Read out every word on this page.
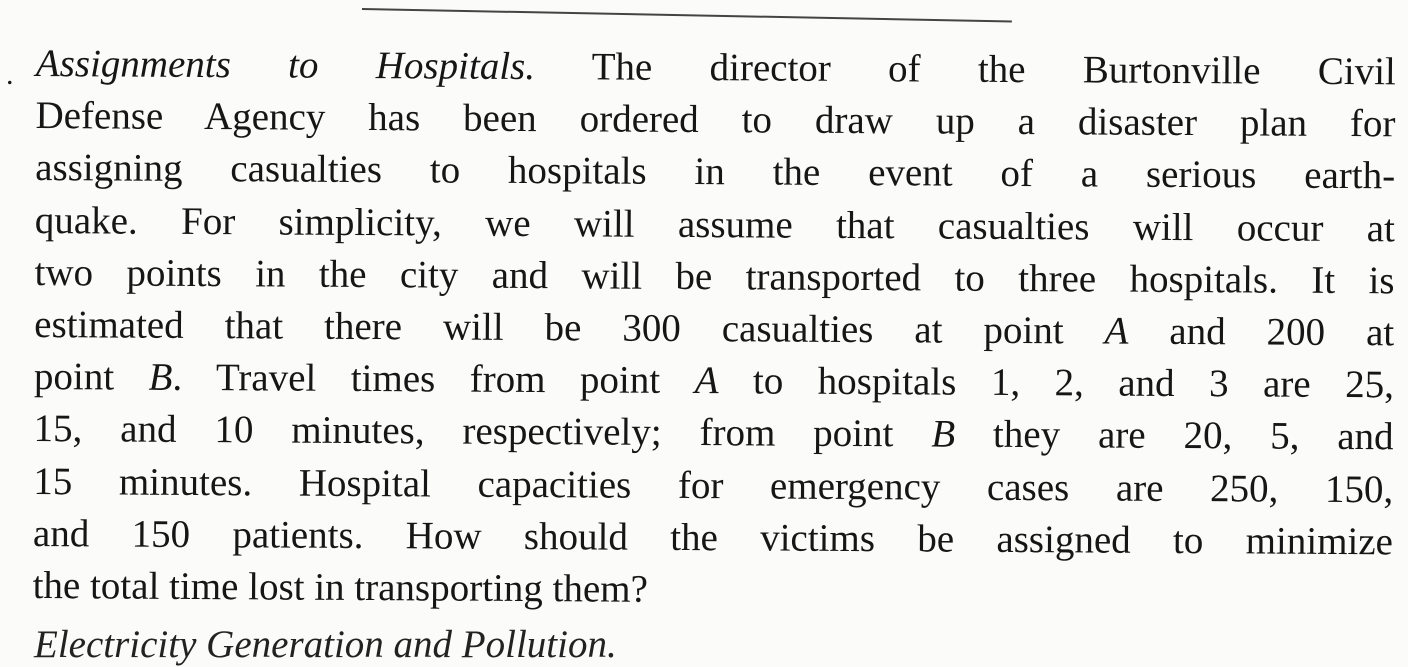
. Assignments to Hospitals. The director of the Burtonville Civil
Defense Agency has been ordered to draw up a disaster plan for
assigning casualties to hospitals in the event of a serious earth-
quake. For simplicity, we will assume that casualties will occur at
two points in the city and will be transported to three hospitals. It is
estimated that there will be 300 casualties at point A and 200 at
point B. Travel times from point A to hospitals 1, 2, and 3 are 25,
15, and 10 minutes, respectively; from point B they are 20, 5, and
15 minutes. Hospital capacities for emergency cases are 250, 150,
and 150 patients. How should the victims be assigned to minimize
the total time lost in transporting them?
Electricity Generation and Pollution.
